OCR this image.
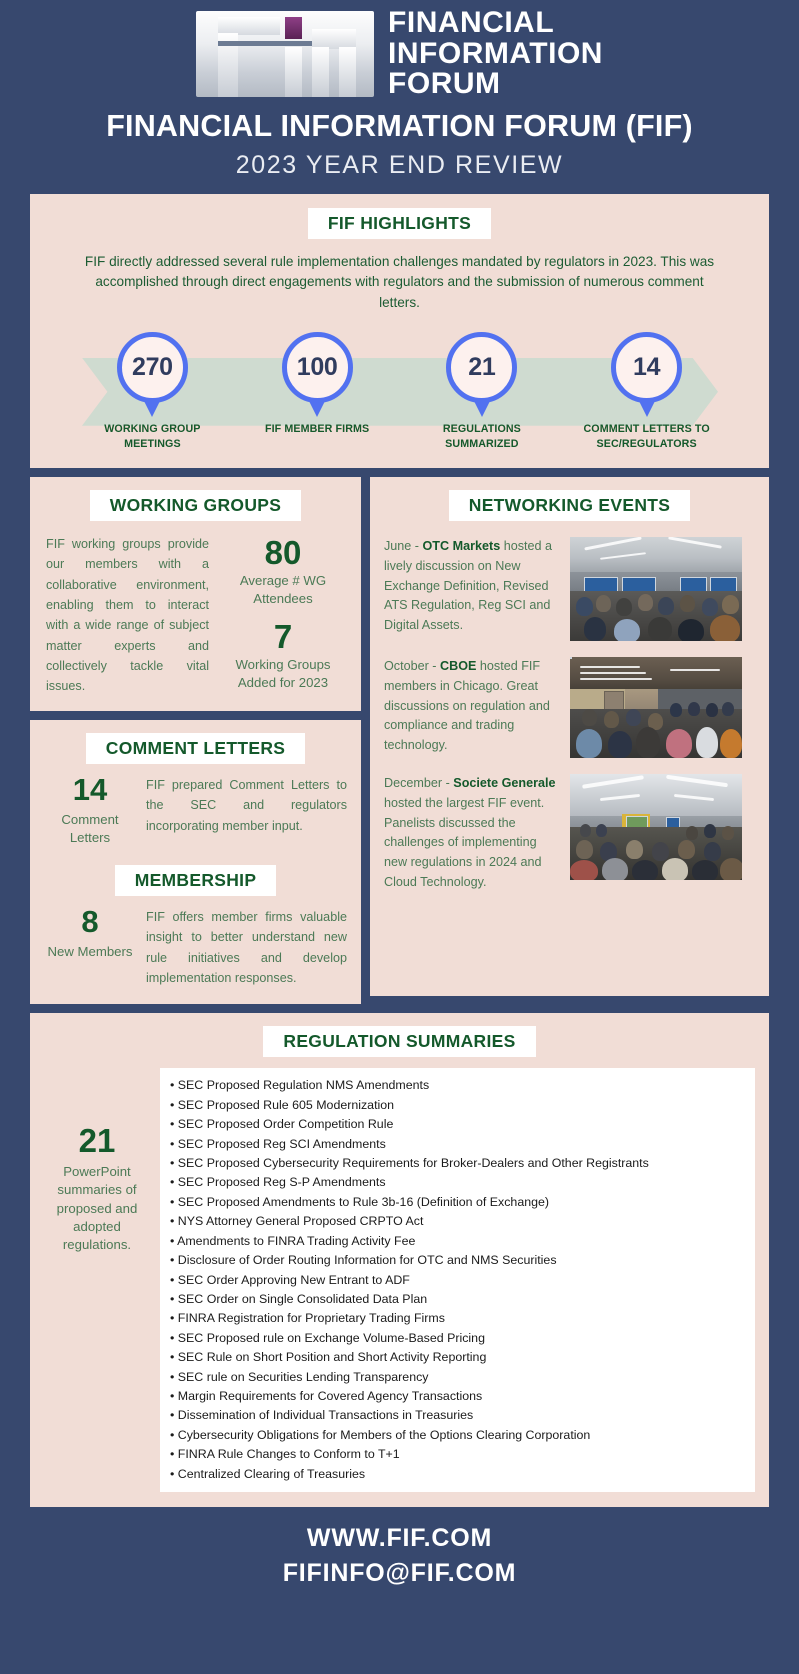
FINANCIAL
INFORMATION
FORUM
FINANCIAL INFORMATION FORUM (FIF)
2023 YEAR END REVIEW
FIF HIGHLIGHTS
FIF directly addressed several rule implementation challenges mandated by regulators in 2023. This was accomplished through direct engagements with regulators and the submission of numerous comment letters.
270
WORKING GROUP MEETINGS
100
FIF MEMBER FIRMS
21
REGULATIONS SUMMARIZED
14
COMMENT LETTERS TO SEC/REGULATORS
WORKING GROUPS
FIF working groups provide our members with a collaborative environment, enabling them to interact with a wide range of subject matter experts and collectively tackle vital issues.
80
Average # WG Attendees
7
Working Groups Added for 2023
COMMENT LETTERS
14
Comment Letters
FIF prepared Comment Letters to the SEC and regulators incorporating member input.
MEMBERSHIP
8
New Members
FIF offers member firms valuable insight to better understand new rule initiatives and develop implementation responses.
NETWORKING EVENTS
June - OTC Markets hosted a lively discussion on New Exchange Definition, Revised ATS Regulation, Reg SCI and Digital Assets.
October - CBOE hosted FIF members in Chicago. Great discussions on regulation and compliance and trading technology.
December - Societe Generale hosted the largest FIF event. Panelists discussed the challenges of implementing new regulations in 2024 and Cloud Technology.
REGULATION SUMMARIES
21
PowerPoint summaries of proposed and adopted regulations.
• SEC Proposed Regulation NMS Amendments
• SEC Proposed Rule 605 Modernization
• SEC Proposed Order Competition Rule
• SEC Proposed Reg SCI Amendments
• SEC Proposed Cybersecurity Requirements for Broker-Dealers and Other Registrants
• SEC Proposed Reg S-P Amendments
• SEC Proposed Amendments to Rule 3b-16 (Definition of Exchange)
• NYS Attorney General Proposed CRPTO Act
• Amendments to FINRA Trading Activity Fee
• Disclosure of Order Routing Information for OTC and NMS Securities
• SEC Order Approving New Entrant to ADF
• SEC Order on Single Consolidated Data Plan
• FINRA Registration for Proprietary Trading Firms
• SEC Proposed rule on Exchange Volume-Based Pricing
• SEC Rule on Short Position and Short Activity Reporting
• SEC rule on Securities Lending Transparency
• Margin Requirements for Covered Agency Transactions
• Dissemination of Individual Transactions in Treasuries
• Cybersecurity Obligations for Members of the Options Clearing Corporation
• FINRA Rule Changes to Conform to T+1
• Centralized Clearing of Treasuries
WWW.FIF.COM
FIFINFO@FIF.COM
